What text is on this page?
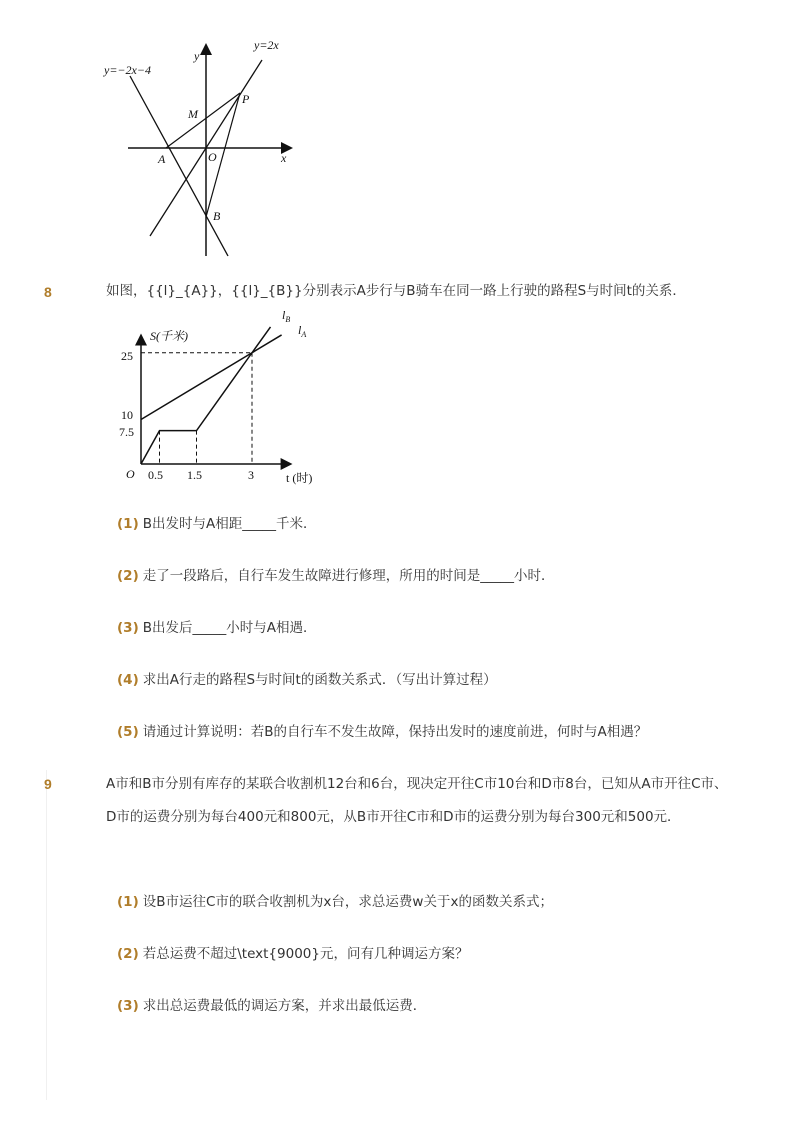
y=−2x−4
y=2x
y
x
P
M
A	O
B
8	如图，{{l}_{A}}，{{l}_{B}}分别表示A步行与B骑车在同一路上行驶的路程S与时间t的关系．
S(千米)
t (时)
O
25
10
7.5
0.5 1.5	3
$l_B$
$l_A$
(1) B出发时与A相距_____千米．
(2) 走了一段路后，自行车发生故障进行修理，所用的时间是_____小时．
(3) B出发后_____小时与A相遇．
(4) 求出A行走的路程S与时间t的函数关系式．（写出计算过程）
(5) 请通过计算说明：若B的自行车不发生故障，保持出发时的速度前进，何时与A相遇？
9	A市和B市分别有库存的某联合收割机12台和6台，现决定开往C市10台和D市8台，已知从A市开往C市、D市的运费分别为每台400元和800元，从B市开往C市和D市的运费分别为每台300元和500元．
(1) 设B市运往C市的联合收割机为x台，求总运费w关于x的函数关系式；
(2) 若总运费不超过\text{9000}元，问有几种调运方案？
(3) 求出总运费最低的调运方案，并求出最低运费．
